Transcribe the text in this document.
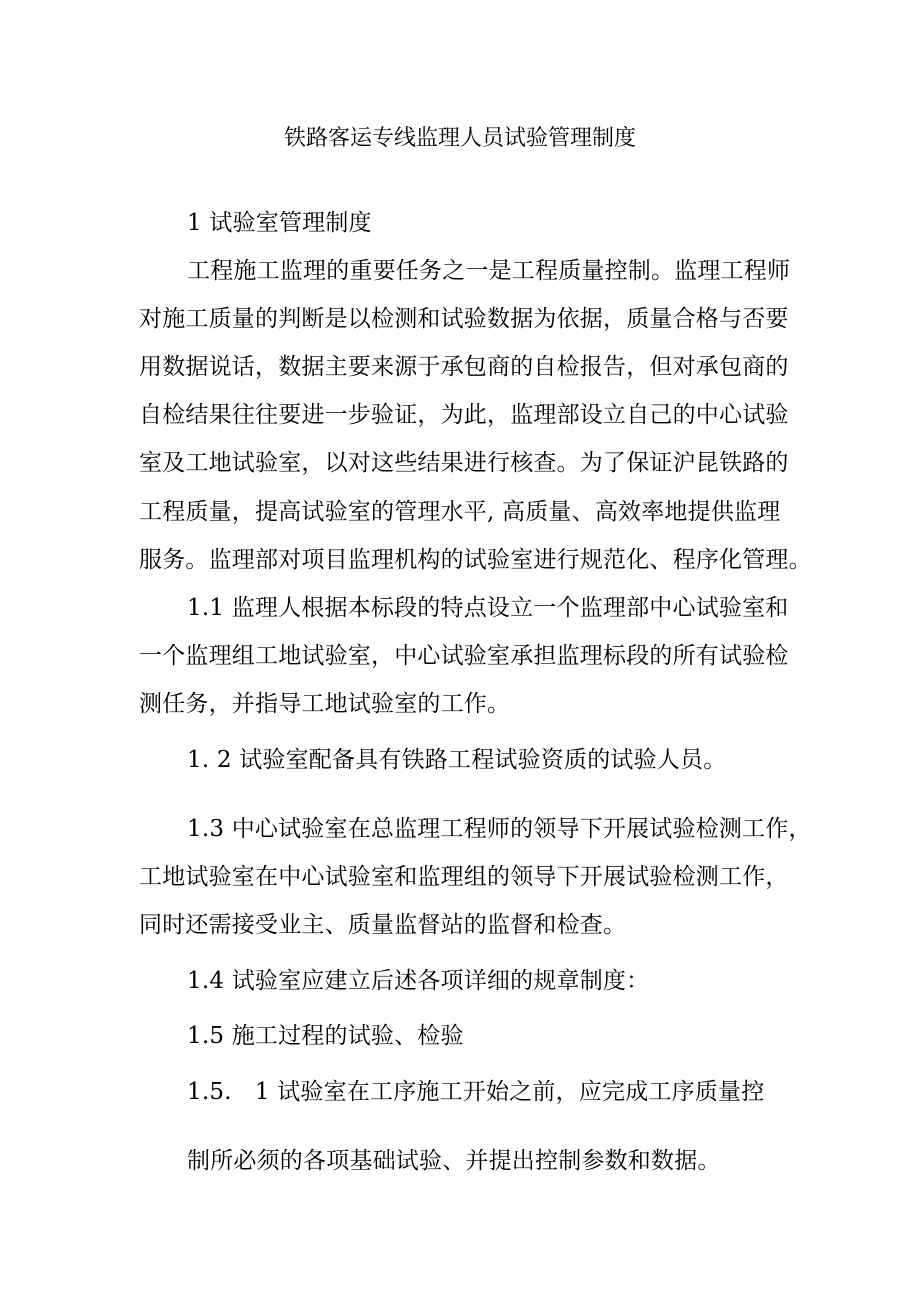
铁路客运专线监理人员试验管理制度
1 试验室管理制度
工程施工监理的重要任务之一是工程质量控制。监理工程师
对施工质量的判断是以检测和试验数据为依据，质量合格与否要
用数据说话，数据主要来源于承包商的自检报告，但对承包商的
自检结果往往要进一步验证，为此，监理部设立自己的中心试验
室及工地试验室，以对这些结果进行核查。为了保证沪昆铁路的
工程质量，提高试验室的管理水平, 高质量、高效率地提供监理
服务。监理部对项目监理机构的试验室进行规范化、程序化管理。
1.1 监理人根据本标段的特点设立一个监理部中心试验室和
一个监理组工地试验室，中心试验室承担监理标段的所有试验检
测任务，并指导工地试验室的工作。
1. 2 试验室配备具有铁路工程试验资质的试验人员。
1.3 中心试验室在总监理工程师的领导下开展试验检测工作，
工地试验室在中心试验室和监理组的领导下开展试验检测工作，
同时还需接受业主、质量监督站的监督和检查。
1.4 试验室应建立后述各项详细的规章制度：
1.5 施工过程的试验、检验
1.5.　1 试验室在工序施工开始之前，应完成工序质量控
制所必须的各项基础试验、并提出控制参数和数据。
